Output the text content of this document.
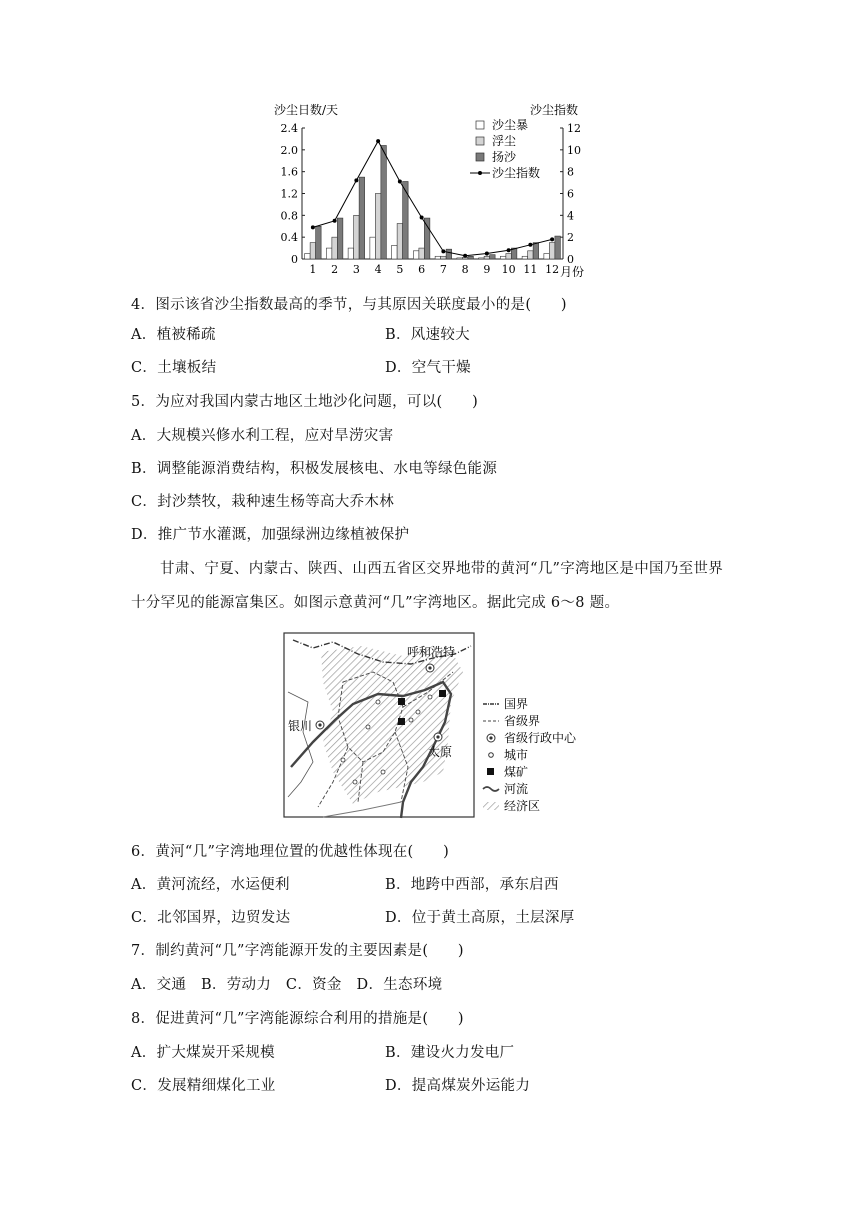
沙尘日数/天	沙尘指数
月份
0
0.4
0.8
1.2
1.6
2.0
2.4
0
2
4
6
8
10
12
1 2 3 4 5 6 7 8 9 10 11 12
沙尘暴
浮尘
扬沙
沙尘指数
4．图示该省沙尘指数最高的季节，与其原因关联度最小的是(　　)
A．植被稀疏	B．风速较大
C．土壤板结	D．空气干燥
5．为应对我国内蒙古地区土地沙化问题，可以(　　)
A．大规模兴修水利工程，应对旱涝灾害
B．调整能源消费结构，积极发展核电、水电等绿色能源
C．封沙禁牧，栽种速生杨等高大乔木林
D．推广节水灌溉，加强绿洲边缘植被保护
甘肃、宁夏、内蒙古、陕西、山西五省区交界地带的黄河“几”字湾地区是中国乃至世界
十分罕见的能源富集区。如图示意黄河“几”字湾地区。据此完成 6～8 题。
呼和浩特
银川
太原
国界
省级界
省级行政中心
城市
煤矿
河流
经济区
6．黄河“几”字湾地理位置的优越性体现在(　　)
A．黄河流经，水运便利	B．地跨中西部，承东启西
C．北邻国界，边贸发达	D．位于黄土高原，土层深厚
7．制约黄河“几”字湾能源开发的主要因素是(　　)
A．交通　B．劳动力　C．资金　D．生态环境
8．促进黄河“几”字湾能源综合利用的措施是(　　)
A．扩大煤炭开采规模	B．建设火力发电厂
C．发展精细煤化工业	D．提高煤炭外运能力
